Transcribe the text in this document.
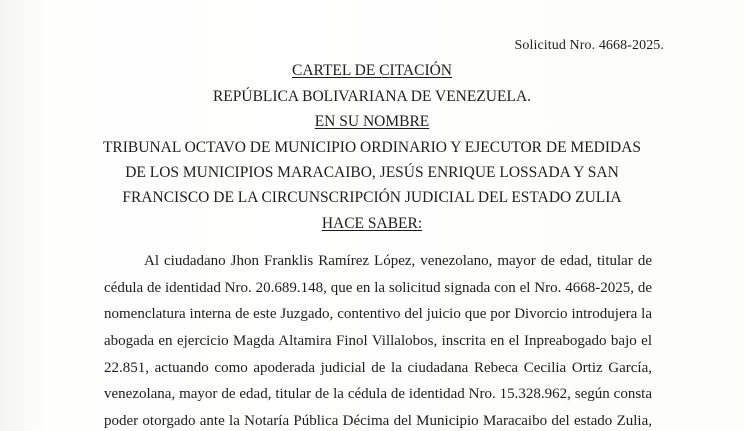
Solicitud Nro. 4668-2025.
CARTEL DE CITACIÓN
REPÚBLICA BOLIVARIANA DE VENEZUELA.
EN SU NOMBRE
TRIBUNAL OCTAVO DE MUNICIPIO ORDINARIO Y EJECUTOR DE MEDIDAS
DE LOS MUNICIPIOS MARACAIBO, JESÚS ENRIQUE LOSSADA Y SAN
FRANCISCO DE LA CIRCUNSCRIPCIÓN JUDICIAL DEL ESTADO ZULIA
HACE SABER:
Al ciudadano Jhon Franklis Ramírez López, venezolano, mayor de edad, titular de
cédula de identidad Nro. 20.689.148, que en la solicitud signada con el Nro. 4668-2025, de
nomenclatura interna de este Juzgado, contentivo del juicio que por Divorcio introdujera la
abogada en ejercicio Magda Altamira Finol Villalobos, inscrita en el Inpreabogado bajo el
22.851, actuando como apoderada judicial de la ciudadana Rebeca Cecilia Ortiz García,
venezolana, mayor de edad, titular de la cédula de identidad Nro. 15.328.962, según consta
poder otorgado ante la Notaría Pública Décima del Municipio Maracaibo del estado Zulia,
